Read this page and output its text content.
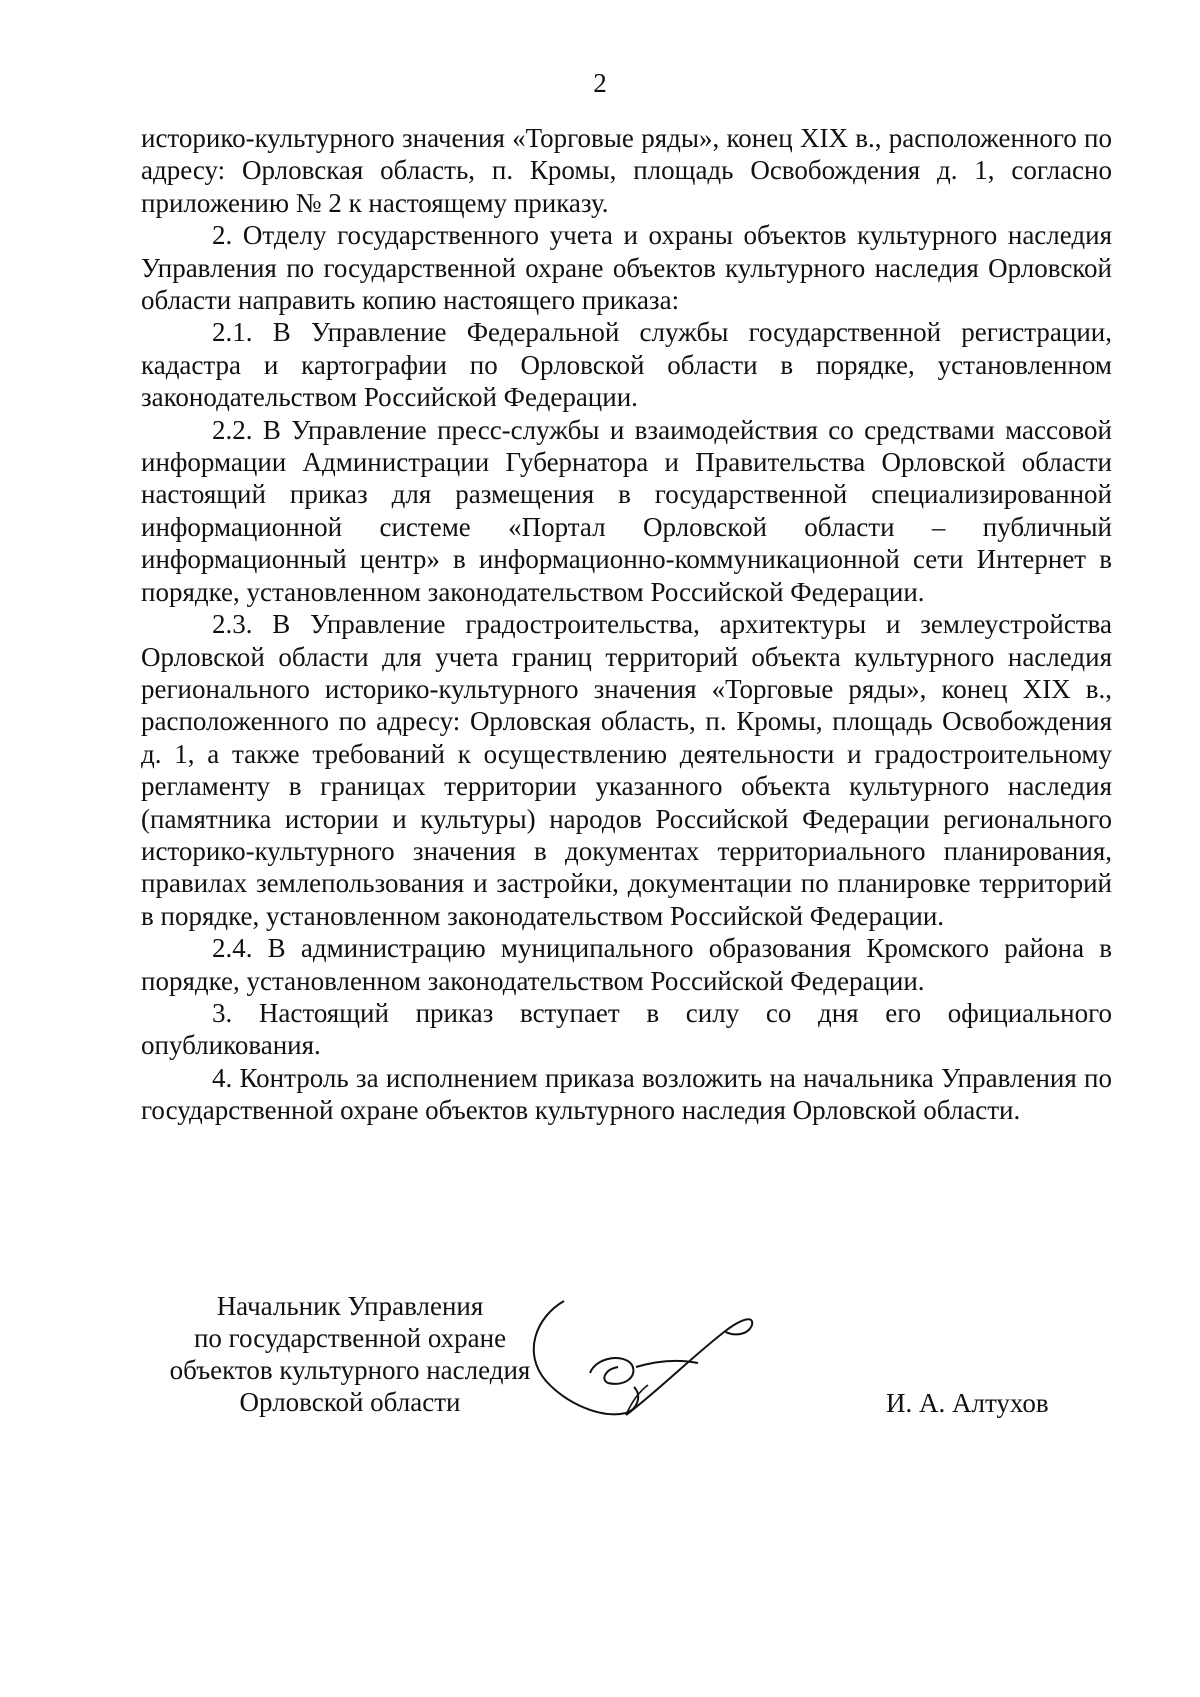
2

историко-культурного значения «Торговые ряды», конец XIX в., расположенного по адресу: Орловская область, п. Кромы, площадь Освобождения д. 1, согласно приложению № 2 к настоящему приказу.

2. Отделу государственного учета и охраны объектов культурного наследия Управления по государственной охране объектов культурного наследия Орловской области направить копию настоящего приказа:

2.1. В Управление Федеральной службы государственной регистрации, кадастра и картографии по Орловской области в порядке, установленном законодательством Российской Федерации.

2.2. В Управление пресс-службы и взаимодействия со средствами массовой информации Администрации Губернатора и Правительства Орловской области настоящий приказ для размещения в государственной специализированной информационной системе «Портал Орловской области – публичный информационный центр» в информационно-коммуникационной сети Интернет в порядке, установленном законодательством Российской Федерации.

2.3. В Управление градостроительства, архитектуры и землеустройства Орловской области для учета границ территорий объекта культурного наследия регионального историко-культурного значения «Торговые ряды», конец XIX в., расположенного по адресу: Орловская область, п. Кромы, площадь Освобождения д. 1, а также требований к осуществлению деятельности и градостроительному регламенту в границах территории указанного объекта культурного наследия (памятника истории и культуры) народов Российской Федерации регионального историко-культурного значения в документах территориального планирования, правилах землепользования и застройки, документации по планировке территорий в порядке, установленном законодательством Российской Федерации.

2.4. В администрацию муниципального образования Кромского района в порядке, установленном законодательством Российской Федерации.

3. Настоящий приказ вступает в силу со дня его официального опубликования.

4. Контроль за исполнением приказа возложить на начальника Управления по государственной охране объектов культурного наследия Орловской области.

Начальник Управления
по государственной охране
объектов культурного наследия
Орловской области	И. А. Алтухов
